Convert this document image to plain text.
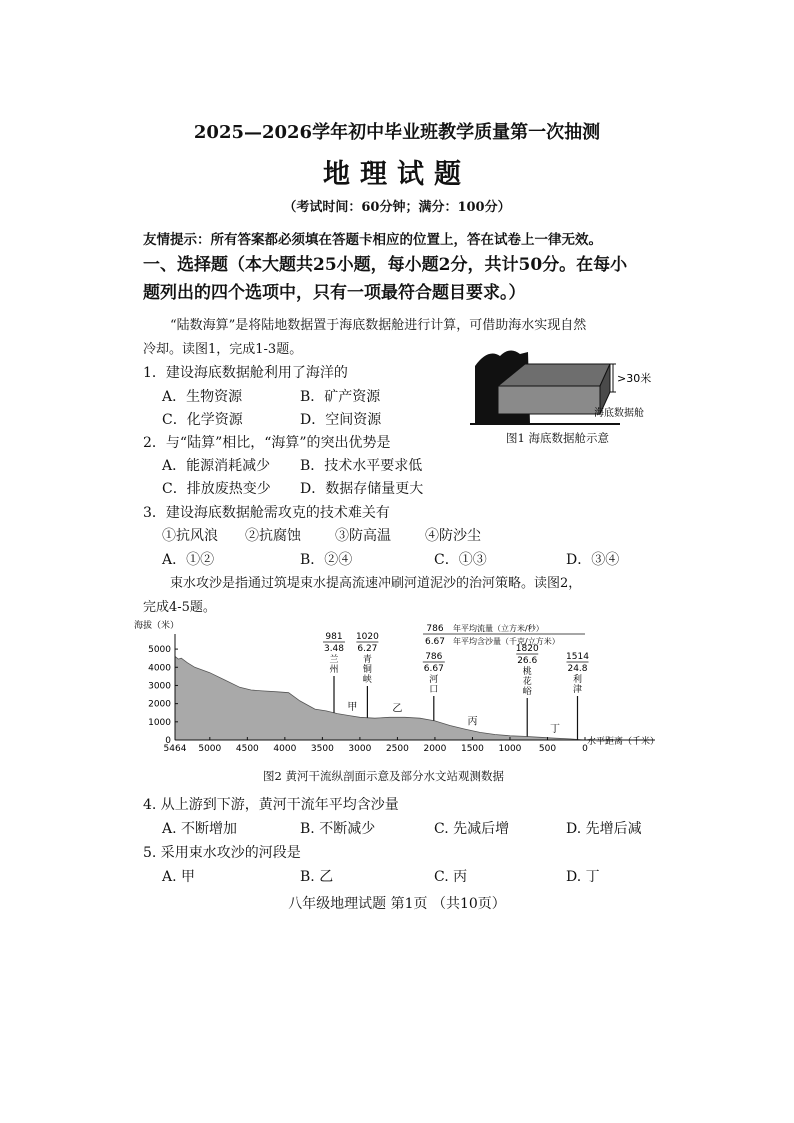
2025—2026学年初中毕业班教学质量第一次抽测
地理试题
（考试时间：60分钟；满分：100分）
友情提示：所有答案都必须填在答题卡相应的位置上，答在试卷上一律无效。
一、选择题（本大题共25小题，每小题2分，共计50分。在每小
题列出的四个选项中，只有一项最符合题目要求。）
“陆数海算”是将陆地数据置于海底数据舱进行计算，可借助海水实现自然
冷却。读图1，完成1-3题。
1．建设海底数据舱利用了海洋的
A．生物资源	B．矿产资源
C．化学资源	D．空间资源
>30米
海底数据舱
图1 海底数据舱示意
2．与“陆算”相比，“海算”的突出优势是
A．能源消耗减少 B．技术水平要求低
C．排放废热变少 D．数据存储量更大
3．建设海底数据舱需攻克的技术难关有
①抗风浪 ②抗腐蚀 ③防高温 ④防沙尘
A．①②	B．②④	C．①③	D．③④
束水攻沙是指通过筑堤束水提高流速冲刷河道泥沙的治河策略。读图2，
完成4-5题。
海拔（米）
水平距离（千米）
5000
4000
3000
2000
1000
0
5464 5000 4500 4000 3500 3000 2500 2000 1500 1000 500	0
786
6.67
年平均流量（立方米/秒）
年平均含沙量（千克/立方米）
981
3.48
兰
州
1020
6.27
青
铜
峡
786
6.67
河
口
1820
26.6
桃
花
峪
1514
24.8
利
津
甲	乙
丙
丁
图2 黄河干流纵剖面示意及部分水文站观测数据
4. 从上游到下游，黄河干流年平均含沙量
A. 不断增加	B. 不断减少	C. 先减后增	D. 先增后减
5. 采用束水攻沙的河段是
A. 甲	B. 乙	C. 丙	D. 丁
八年级地理试题 第1页 （共10页）
